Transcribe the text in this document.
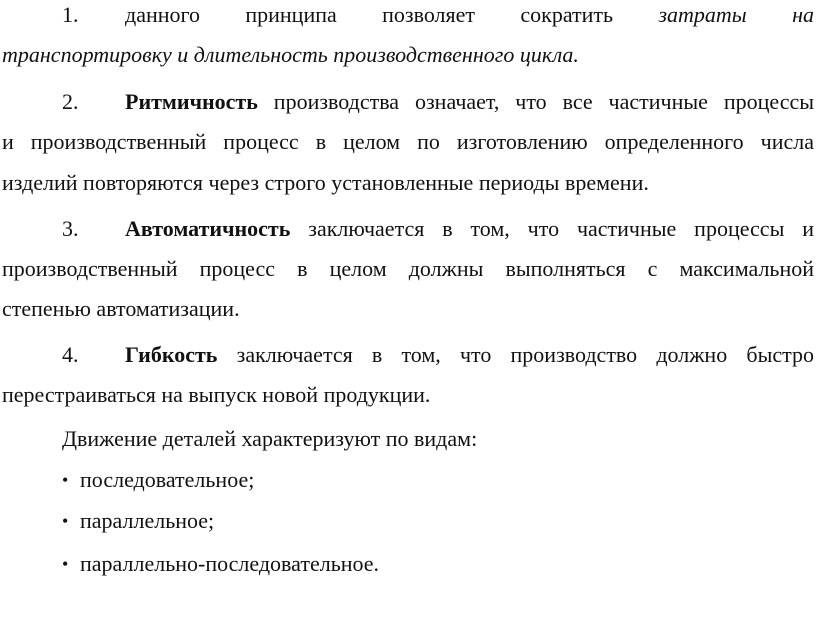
1. данного принципа позволяет сократить затраты на
транспортировку и длительность производственного цикла.
2. Ритмичность производства означает, что все частичные процессы
и производственный процесс в целом по изготовлению определенного числа
изделий повторяются через строго установленные периоды времени.
3. Автоматичность заключается в том, что частичные процессы и
производственный процесс в целом должны выполняться с максимальной
степенью автоматизации.
4. Гибкость заключается в том, что производство должно быстро
перестраиваться на выпуск новой продукции.
Движение деталей характеризуют по видам:
• последовательное;
• параллельное;
• параллельно-последовательное.
